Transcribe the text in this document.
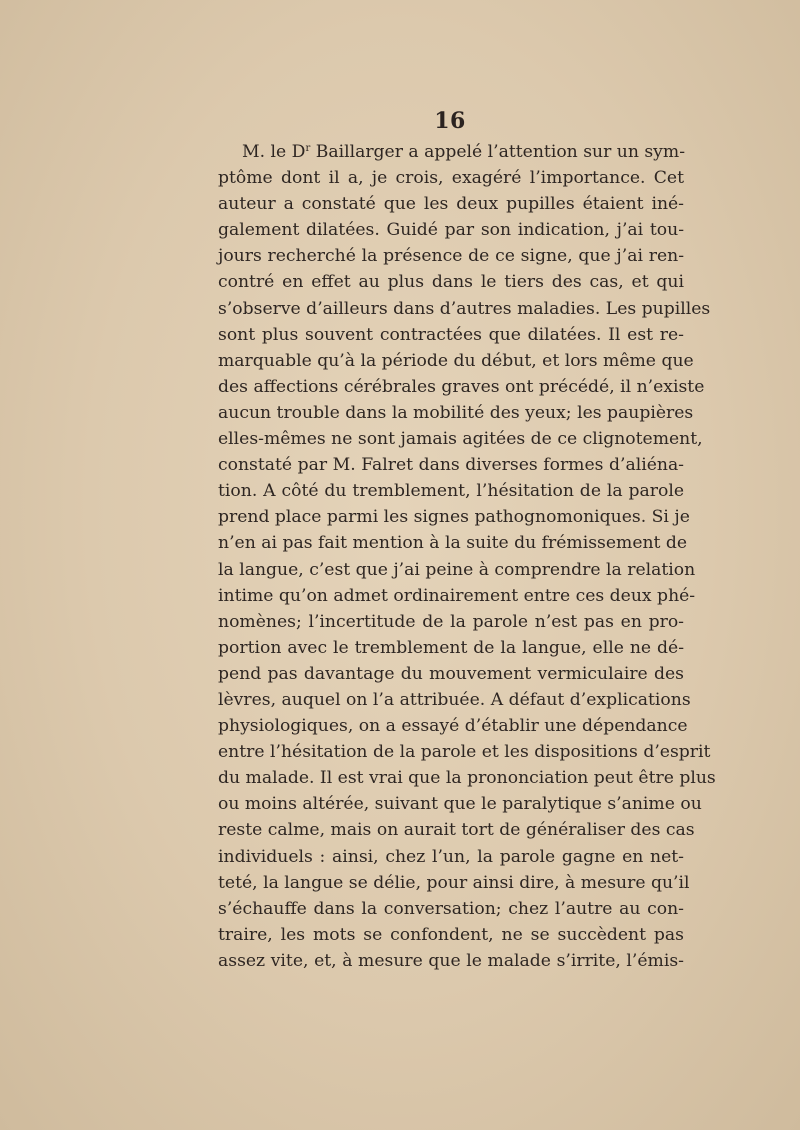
16
M. le $D^r$ Baillarger a appelé l’attention sur un sym-
ptôme dont il a, je crois, exagéré l’importance. Cet
auteur a constaté que les deux pupilles étaient iné-
galement dilatées. Guidé par son indication, j’ai tou-
jours recherché la présence de ce signe, que j’ai ren-
contré en effet au plus dans le tiers des cas, et qui
s’observe d’ailleurs dans d’autres maladies. Les pupilles
sont plus souvent contractées que dilatées. Il est re-
marquable qu’à la période du début, et lors même que
des affections cérébrales graves ont précédé, il n’existe
aucun trouble dans la mobilité des yeux; les paupières
elles-mêmes ne sont jamais agitées de ce clignotement,
constaté par M. Falret dans diverses formes d’aliéna-
tion. A côté du tremblement, l’hésitation de la parole
prend place parmi les signes pathognomoniques. Si je
n’en ai pas fait mention à la suite du frémissement de
la langue, c’est que j’ai peine à comprendre la relation
intime qu’on admet ordinairement entre ces deux phé-
nomènes; l’incertitude de la parole n’est pas en pro-
portion avec le tremblement de la langue, elle ne dé-
pend pas davantage du mouvement vermiculaire des
lèvres, auquel on l’a attribuée. A défaut d’explications
physiologiques, on a essayé d’établir une dépendance
entre l’hésitation de la parole et les dispositions d’esprit
du malade. Il est vrai que la prononciation peut être plus
ou moins altérée, suivant que le paralytique s’anime ou
reste calme, mais on aurait tort de généraliser des cas
individuels : ainsi, chez l’un, la parole gagne en net-
teté, la langue se délie, pour ainsi dire, à mesure qu’il
s’échauffe dans la conversation; chez l’autre au con-
traire, les mots se confondent, ne se succèdent pas
assez vite, et, à mesure que le malade s’irrite, l’émis-
